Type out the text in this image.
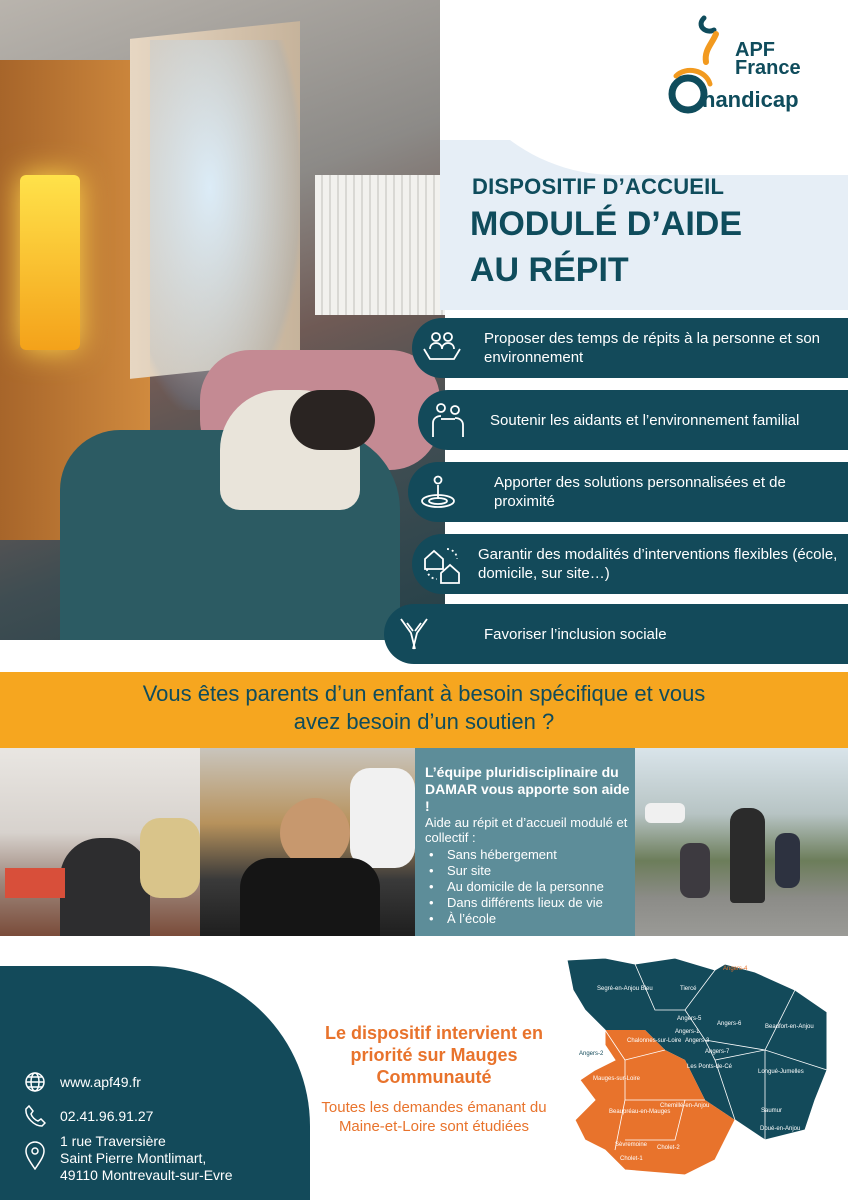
APF
France
handicap
DISPOSITIF D’ACCUEIL
MODULÉ D’AIDE
AU RÉPIT
Proposer des temps de répits à la personne et son environnement
Soutenir les aidants et l’environnement familial
Apporter des solutions personnalisées et de proximité
Garantir des modalités d’interventions flexibles (école, domicile, sur site…)
Favoriser l’inclusion sociale
Vous êtes parents d’un enfant à besoin spécifique et vous
avez besoin d’un soutien ?
L’équipe pluridisciplinaire du DAMAR vous apporte son aide !
Aide au répit et d’accueil modulé et collectif :
• Sans hébergement
• Sur site
• Au domicile de la personne
• Dans différents lieux de vie
• À l’école
www.apf49.fr
02.41.96.91.27
1 rue Traversière
Saint Pierre Montlimart,
49110 Montrevault-sur-Evre
Le dispositif intervient en priorité sur Mauges Communauté
Toutes les demandes émanant du Maine-et-Loire sont étudiées
Segré-en-Anjou Bleu	Tiercé
Angers-4
Angers-5
Angers-6
Angers-1
Angers-3
Angers-7
Angers-2
Beaufort-en-Anjou
Chalonnes-sur-Loire
Les Ponts-de-Cé
Longué-Jumelles
Mauges-sur-Loire
Chemillé-en-Anjou
Saumur
Beaupréau-en-Mauges
Doué-en-Anjou
Sèvremoine Cholet-2
Cholet-1
